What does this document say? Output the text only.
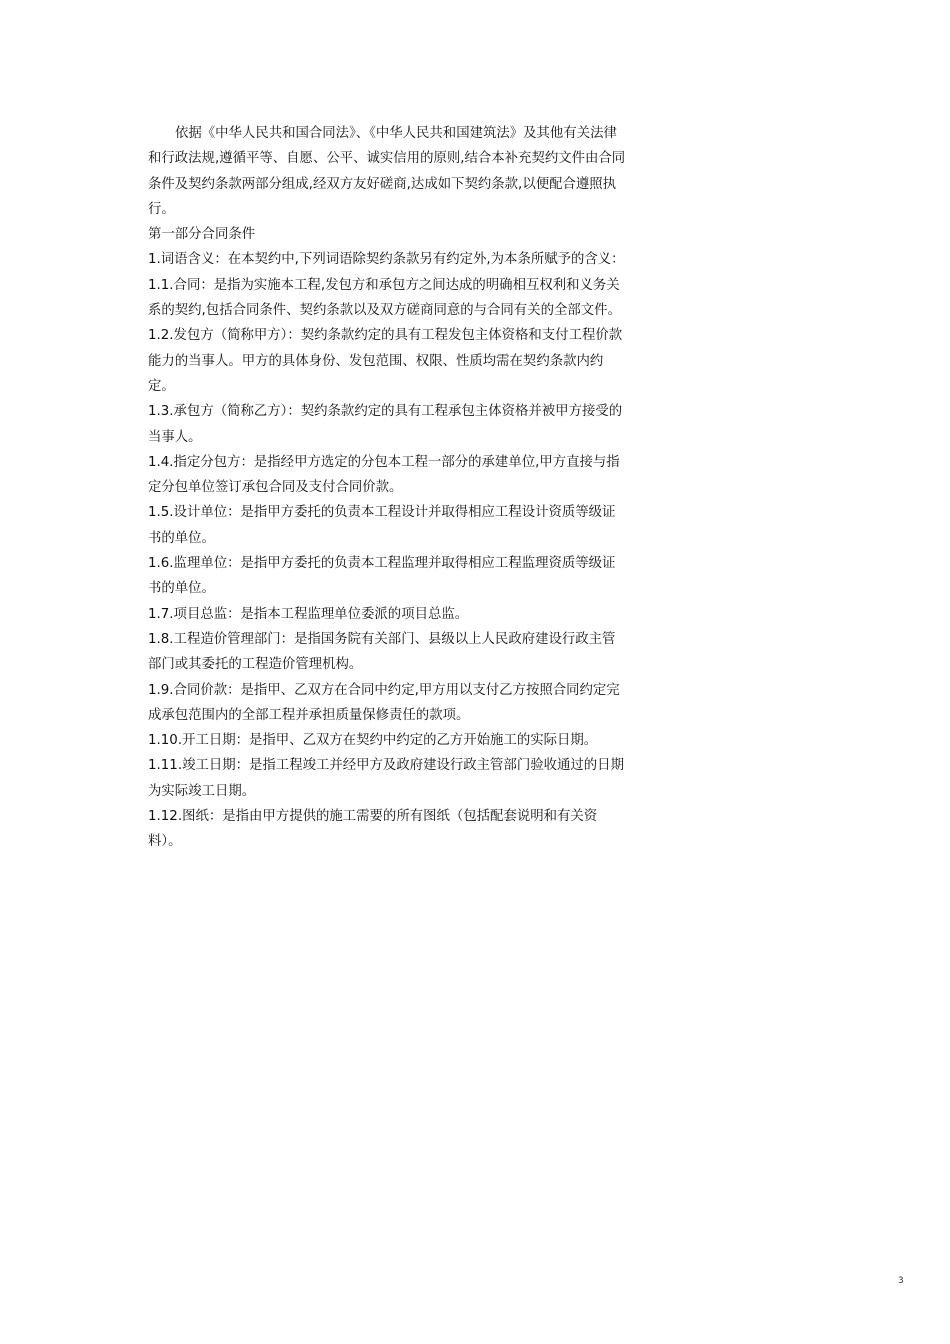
依据《中华人民共和国合同法》、《中华人民共和国建筑法》及其他有关法律和行政法规,遵循平等、自愿、公平、诚实信用的原则,结合本补充契约文件由合同条件及契约条款两部分组成,经双方友好磋商,达成如下契约条款,以便配合遵照执行。

第一部分合同条件

1.词语含义：在本契约中,下列词语除契约条款另有约定外,为本条所赋予的含义：

1.1.合同：是指为实施本工程,发包方和承包方之间达成的明确相互权利和义务关系的契约,包括合同条件、契约条款以及双方磋商同意的与合同有关的全部文件。

1.2.发包方（简称甲方）：契约条款约定的具有工程发包主体资格和支付工程价款能力的当事人。甲方的具体身份、发包范围、权限、性质均需在契约条款内约定。

1.3.承包方（简称乙方）：契约条款约定的具有工程承包主体资格并被甲方接受的当事人。

1.4.指定分包方：是指经甲方选定的分包本工程一部分的承建单位,甲方直接与指定分包单位签订承包合同及支付合同价款。

1.5.设计单位：是指甲方委托的负责本工程设计并取得相应工程设计资质等级证书的单位。

1.6.监理单位：是指甲方委托的负责本工程监理并取得相应工程监理资质等级证书的单位。

1.7.项目总监：是指本工程监理单位委派的项目总监。

1.8.工程造价管理部门：是指国务院有关部门、县级以上人民政府建设行政主管部门或其委托的工程造价管理机构。

1.9.合同价款：是指甲、乙双方在合同中约定,甲方用以支付乙方按照合同约定完成承包范围内的全部工程并承担质量保修责任的款项。

1.10.开工日期：是指甲、乙双方在契约中约定的乙方开始施工的实际日期。

1.11.竣工日期：是指工程竣工并经甲方及政府建设行政主管部门验收通过的日期为实际竣工日期。

1.12.图纸：是指由甲方提供的施工需要的所有图纸（包括配套说明和有关资料）。

3
